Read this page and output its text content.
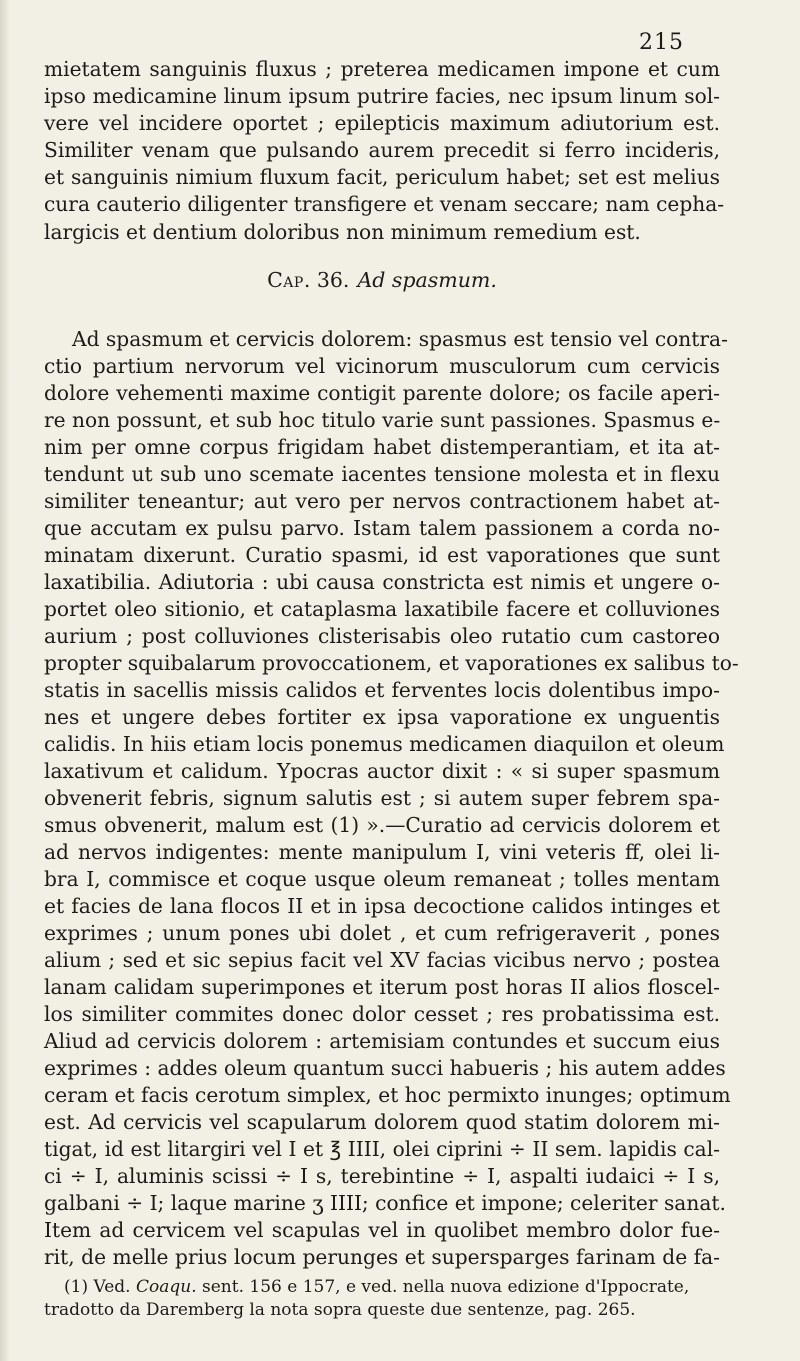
215
mietatem sanguinis fluxus ; preterea medicamen impone et cum
ipso medicamine linum ipsum putrire facies, nec ipsum linum sol-
vere vel incidere oportet ; epilepticis maximum adiutorium est.
Similiter venam que pulsando aurem precedit si ferro incideris,
et sanguinis nimium fluxum facit, periculum habet; set est melius
cura cauterio diligenter transfigere et venam seccare; nam cepha-
largicis et dentium doloribus non minimum remedium est.
Cap. 36. Ad spasmum.
Ad spasmum et cervicis dolorem: spasmus est tensio vel contra-
ctio partium nervorum vel vicinorum musculorum cum cervicis
dolore vehementi maxime contigit parente dolore; os facile aperi-
re non possunt, et sub hoc titulo varie sunt passiones. Spasmus e-
nim per omne corpus frigidam habet distemperantiam, et ita at-
tendunt ut sub uno scemate iacentes tensione molesta et in flexu
similiter teneantur; aut vero per nervos contractionem habet at-
que accutam ex pulsu parvo. Istam talem passionem a corda no-
minatam dixerunt. Curatio spasmi, id est vaporationes que sunt
laxatibilia. Adiutoria : ubi causa constricta est nimis et ungere o-
portet oleo sitionio, et cataplasma laxatibile facere et colluviones
aurium ; post colluviones clisterisabis oleo rutatio cum castoreo
propter squibalarum provoccationem, et vaporationes ex salibus to-
statis in sacellis missis calidos et ferventes locis dolentibus impo-
nes et ungere debes fortiter ex ipsa vaporatione ex unguentis
calidis. In hiis etiam locis ponemus medicamen diaquilon et oleum
laxativum et calidum. Ypocras auctor dixit : « si super spasmum
obvenerit febris, signum salutis est ; si autem super febrem spa-
smus obvenerit, malum est (1) ».—Curatio ad cervicis dolorem et
ad nervos indigentes: mente manipulum I, vini veteris ff, olei li-
bra I, commisce et coque usque oleum remaneat ; tolles mentam
et facies de lana flocos II et in ipsa decoctione calidos intinges et
exprimes ; unum pones ubi dolet , et cum refrigeraverit , pones
alium ; sed et sic sepius facit vel XV facias vicibus nervo ; postea
lanam calidam superimpones et iterum post horas II alios floscel-
los similiter commites donec dolor cesset ; res probatissima est.
Aliud ad cervicis dolorem : artemisiam contundes et succum eius
exprimes : addes oleum quantum succi habueris ; his autem addes
ceram et facis cerotum simplex, et hoc permixto inunges; optimum
est. Ad cervicis vel scapularum dolorem quod statim dolorem mi-
tigat, id est litargiri vel I et ℥ IIII, olei ciprini ÷ II sem. lapidis cal-
ci ÷ I, aluminis scissi ÷ I s, terebintine ÷ I, aspalti iudaici ÷ I s,
galbani ÷ I; laque marine ʒ IIII; confice et impone; celeriter sanat.
Item ad cervicem vel scapulas vel in quolibet membro dolor fue-
rit, de melle prius locum perunges et supersparges farinam de fa-
(1) Ved. Coaqu. sent. 156 e 157, e ved. nella nuova edizione d'Ippocrate,
tradotto da Daremberg la nota sopra queste due sentenze, pag. 265.
